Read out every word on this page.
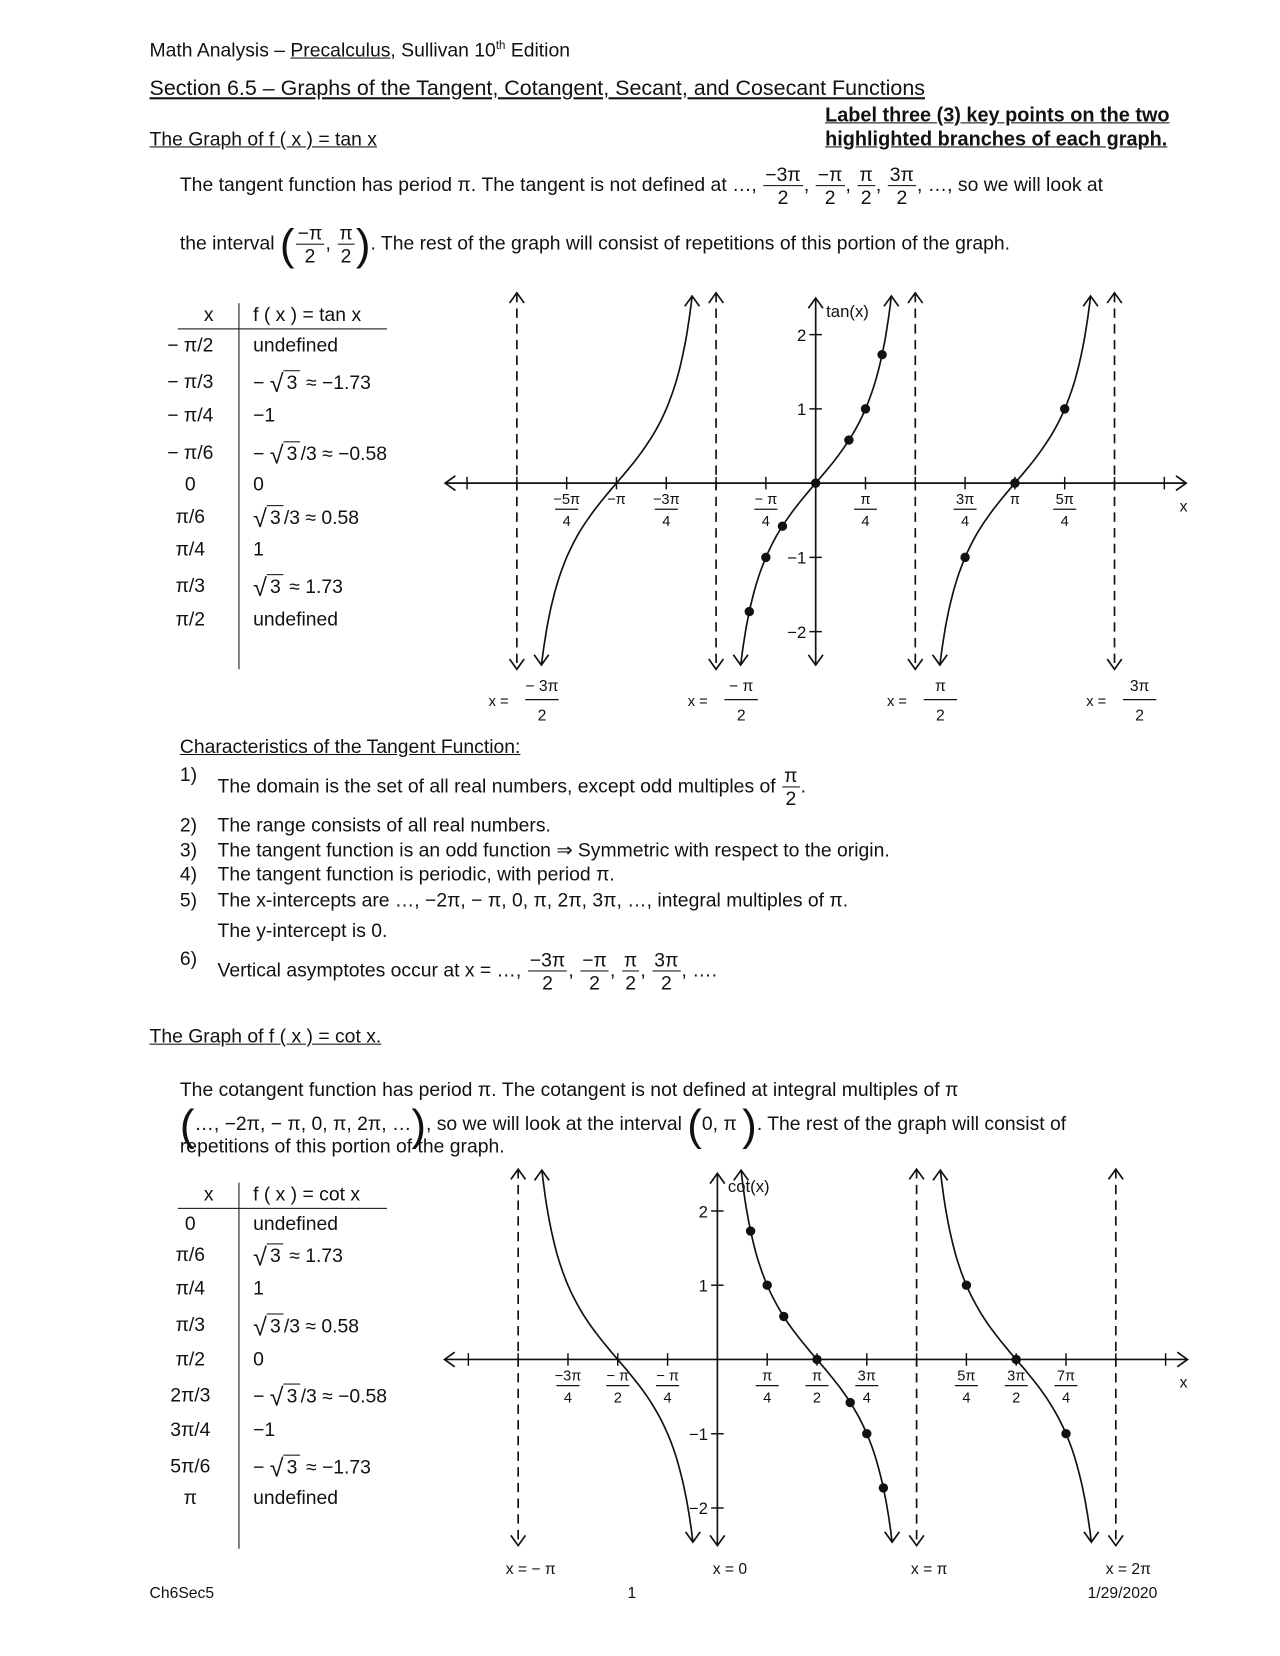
Math Analysis – Precalculus, Sullivan 10th Edition
Section 6.5 – Graphs of the Tangent, Cotangent, Secant, and Cosecant Functions
Label three (3) key points on the two
highlighted branches of each graph.
The Graph of f ( x ) = tan x
The tangent function has period π. The tangent is not defined at …, $\frac{-3\pi}{2}$ , $\frac{-\pi}{2}$ , $\frac{\pi}{2}$ , $\frac{3\pi}{2}$ , …, so we will look at
the interval ( $\frac{-\pi}{2}$ , $\frac{\pi}{2}$ ). The rest of the graph will consist of repetitions of this portion of the graph.
x f ( x ) = tan x
− π/2	undefined
− π/3	− √ 3 ≈ −1.73
− π/4	−1
− π/6	− √ 3 /3 ≈ −0.58
0	0
π/6	√ 3 /3 ≈ 0.58
π/4	1
π/3	√ 3 ≈ 1.73
π/2	undefined
Characteristics of the Tangent Function:
1)
The domain is the set of all real numbers, except odd multiples of $\frac{\pi}{2}$ .
2) The range consists of all real numbers.
3) The tangent function is an odd function ⇒ Symmetric with respect to the origin.
4) The tangent function is periodic, with period π.
5) The x-intercepts are …, −2π, − π, 0, π, 2π, 3π, …, integral multiples of π.
The y-intercept is 0.
6)
Vertical asymptotes occur at x = …, $\frac{-3\pi}{2}$ , $\frac{-\pi}{2}$ , $\frac{\pi}{2}$ , $\frac{3\pi}{2}$ , ….
The Graph of f ( x ) = cot x.
The cotangent function has period π. The cotangent is not defined at integral multiples of π
(…, −2π, − π, 0, π, 2π, …), so we will look at the interval (0, π ). The rest of the graph will consist of
repetitions of this portion of the graph.
x f ( x ) = cot x
0	undefined
π/6	√ 3 ≈ 1.73
π/4	1
π/3	√ 3 /3 ≈ 0.58
π/2	0
2π/3	− √ 3 /3 ≈ −0.58
3π/4	−1
5π/6	− √ 3 ≈ −1.73
π	undefined
x
tan(x)
2
1
−1
−2
−5π
4
−π −3π
4
− π
4
π
4
3π
4
π	5π
4
x =
− 3π
2
x =
− π
2
x =
π
2
x =
3π
2
x
cot(x)
2
1
−1
−2
−3π
4
− π
2
− π
4
π
4
π
2
3π
4
5π
4
3π
2
7π
4
x = − π	x = 0	x = π	x = 2π
Ch6Sec5	1	1/29/2020
